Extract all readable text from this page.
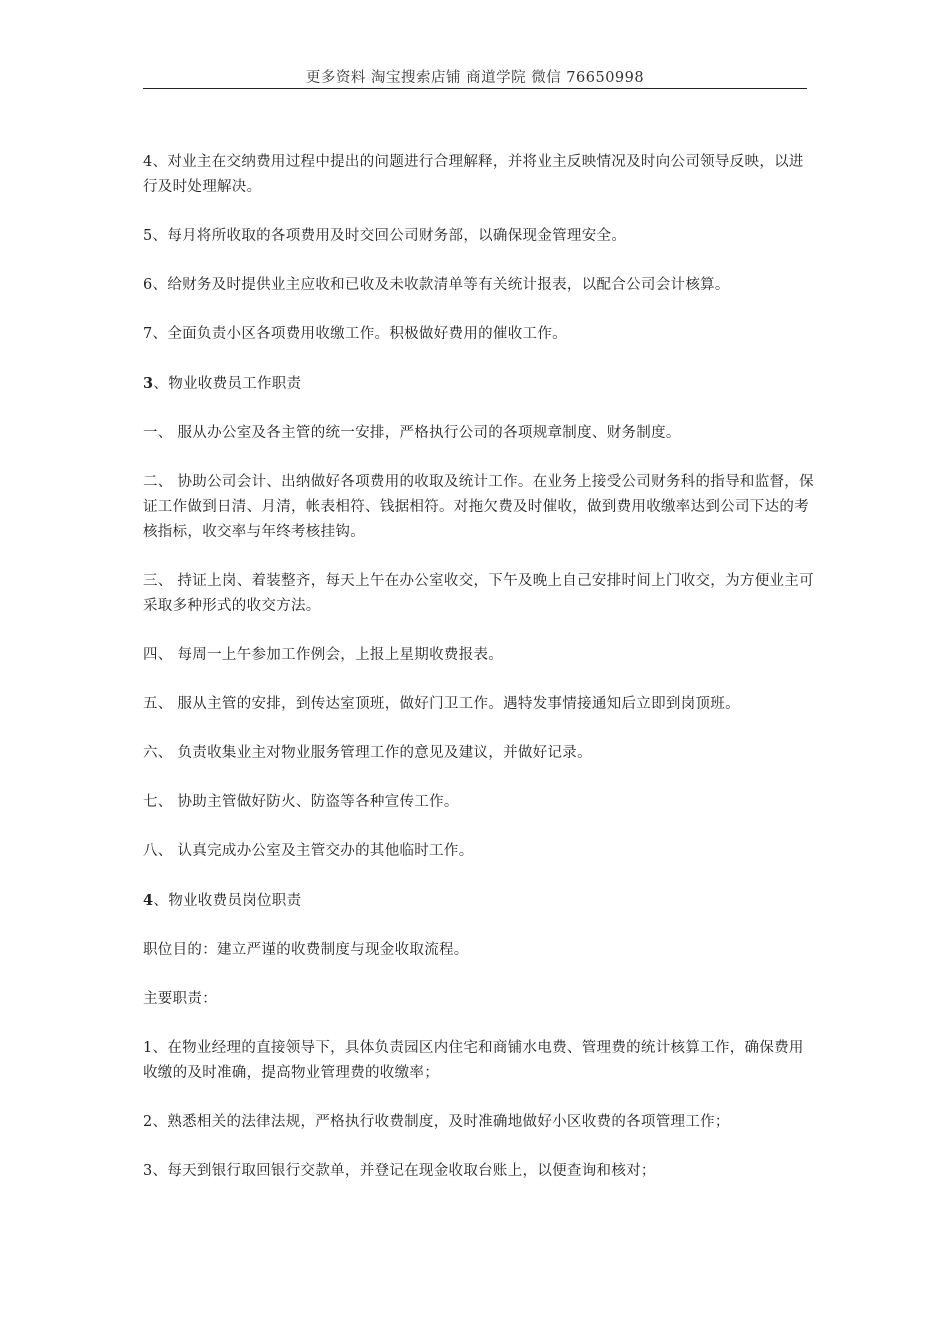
更多资料 淘宝搜索店铺 商道学院 微信 76650998

4、对业主在交纳费用过程中提出的问题进行合理解释，并将业主反映情况及时向公司领导反映，以进行及时处理解决。

5、每月将所收取的各项费用及时交回公司财务部，以确保现金管理安全。

6、给财务及时提供业主应收和已收及未收款清单等有关统计报表，以配合公司会计核算。

7、全面负责小区各项费用收缴工作。积极做好费用的催收工作。

3、物业收费员工作职责

一、 服从办公室及各主管的统一安排，严格执行公司的各项规章制度、财务制度。

二、 协助公司会计、出纳做好各项费用的收取及统计工作。在业务上接受公司财务科的指导和监督，保证工作做到日清、月清，帐表相符、钱据相符。对拖欠费及时催收，做到费用收缴率达到公司下达的考核指标，收交率与年终考核挂钩。

三、 持证上岗、着装整齐，每天上午在办公室收交，下午及晚上自己安排时间上门收交，为方便业主可采取多种形式的收交方法。

四、 每周一上午参加工作例会，上报上星期收费报表。

五、 服从主管的安排，到传达室顶班，做好门卫工作。遇特发事情接通知后立即到岗顶班。

六、 负责收集业主对物业服务管理工作的意见及建议，并做好记录。

七、 协助主管做好防火、防盗等各种宣传工作。

八、 认真完成办公室及主管交办的其他临时工作。

4、物业收费员岗位职责

职位目的：建立严谨的收费制度与现金收取流程。

主要职责：

1、在物业经理的直接领导下，具体负责园区内住宅和商铺水电费、管理费的统计核算工作，确保费用收缴的及时准确，提高物业管理费的收缴率；

2、熟悉相关的法律法规，严格执行收费制度，及时准确地做好小区收费的各项管理工作；

3、每天到银行取回银行交款单，并登记在现金收取台账上，以便查询和核对；
